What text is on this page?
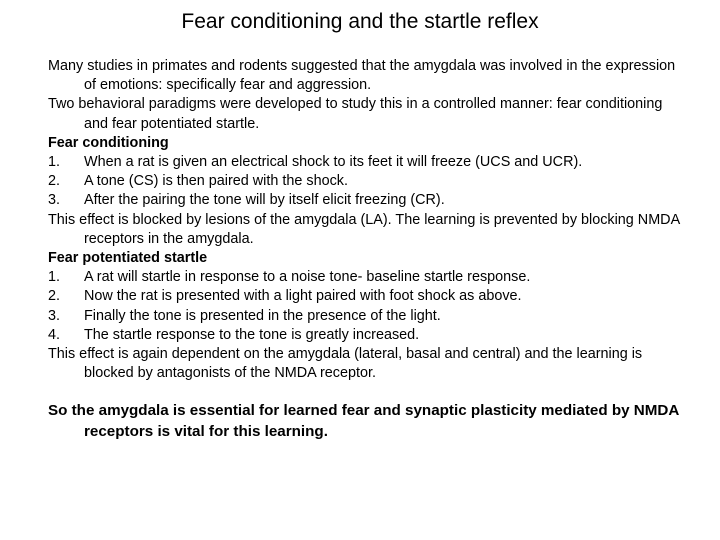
Fear conditioning and the startle reflex
Many studies in primates and rodents suggested that the amygdala was involved in the expression of emotions: specifically fear and aggression.
Two behavioral paradigms were developed to study this in a controlled manner: fear conditioning and fear potentiated startle.
Fear conditioning
1.	When a rat is given an electrical shock to its feet it will freeze (UCS and UCR).
2.	A tone (CS) is then paired with the shock.
3.	After the pairing the tone will by itself elicit freezing (CR).
This effect is blocked by lesions of the amygdala (LA). The learning is prevented by blocking NMDA receptors in the amygdala.
Fear potentiated startle
1.	A rat will startle in response to a noise tone- baseline startle response.
2.	Now the rat is presented with a light paired with foot shock as above.
3.	Finally the tone is presented in the presence of the light.
4.	The startle response to the tone is greatly increased.
This effect is again dependent on the amygdala (lateral, basal and central) and the learning is blocked by antagonists of the NMDA receptor.
So the amygdala is essential for learned fear and synaptic plasticity mediated by NMDA receptors is vital for this learning.
